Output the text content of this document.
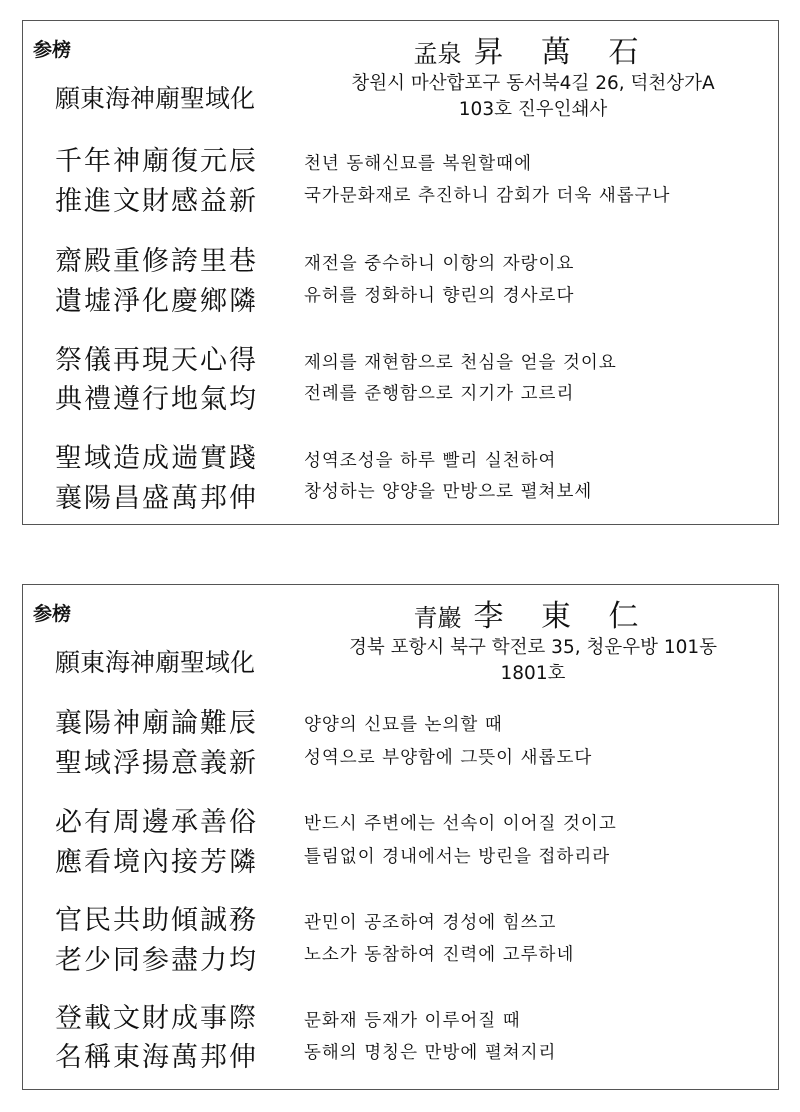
参榜	孟泉 昇 萬 石
願東海神廟聖域化
창원시 마산합포구 동서북4길 26, 덕천상가A
103호 진우인쇄사
千年神廟復元辰	천년 동해신묘를 복원할때에
推進文財感益新	국가문화재로 추진하니 감회가 더욱 새롭구나
齋殿重修誇里巷	재전을 중수하니 이항의 자랑이요
遺墟淨化慶鄉隣	유허를 정화하니 향린의 경사로다
祭儀再現天心得	제의를 재현함으로 천심을 얻을 것이요
典禮遵行地氣均	전례를 준행함으로 지기가 고르리
聖域造成遄實踐	성역조성을 하루 빨리 실천하여
襄陽昌盛萬邦伸	창성하는 양양을 만방으로 펼쳐보세
参榜	青巖 李 東 仁
願東海神廟聖域化
경북 포항시 북구 학전로 35, 청운우방 101동
1801호
襄陽神廟論難辰	양양의 신묘를 논의할 때
聖域浮揚意義新	성역으로 부양함에 그뜻이 새롭도다
必有周邊承善俗	반드시 주변에는 선속이 이어질 것이고
應看境內接芳隣	틀림없이 경내에서는 방린을 접하리라
官民共助傾誠務	관민이 공조하여 경성에 힘쓰고
老少同参盡力均	노소가 동참하여 진력에 고루하네
登載文財成事際	문화재 등재가 이루어질 때
名稱東海萬邦伸	동해의 명칭은 만방에 펼쳐지리
